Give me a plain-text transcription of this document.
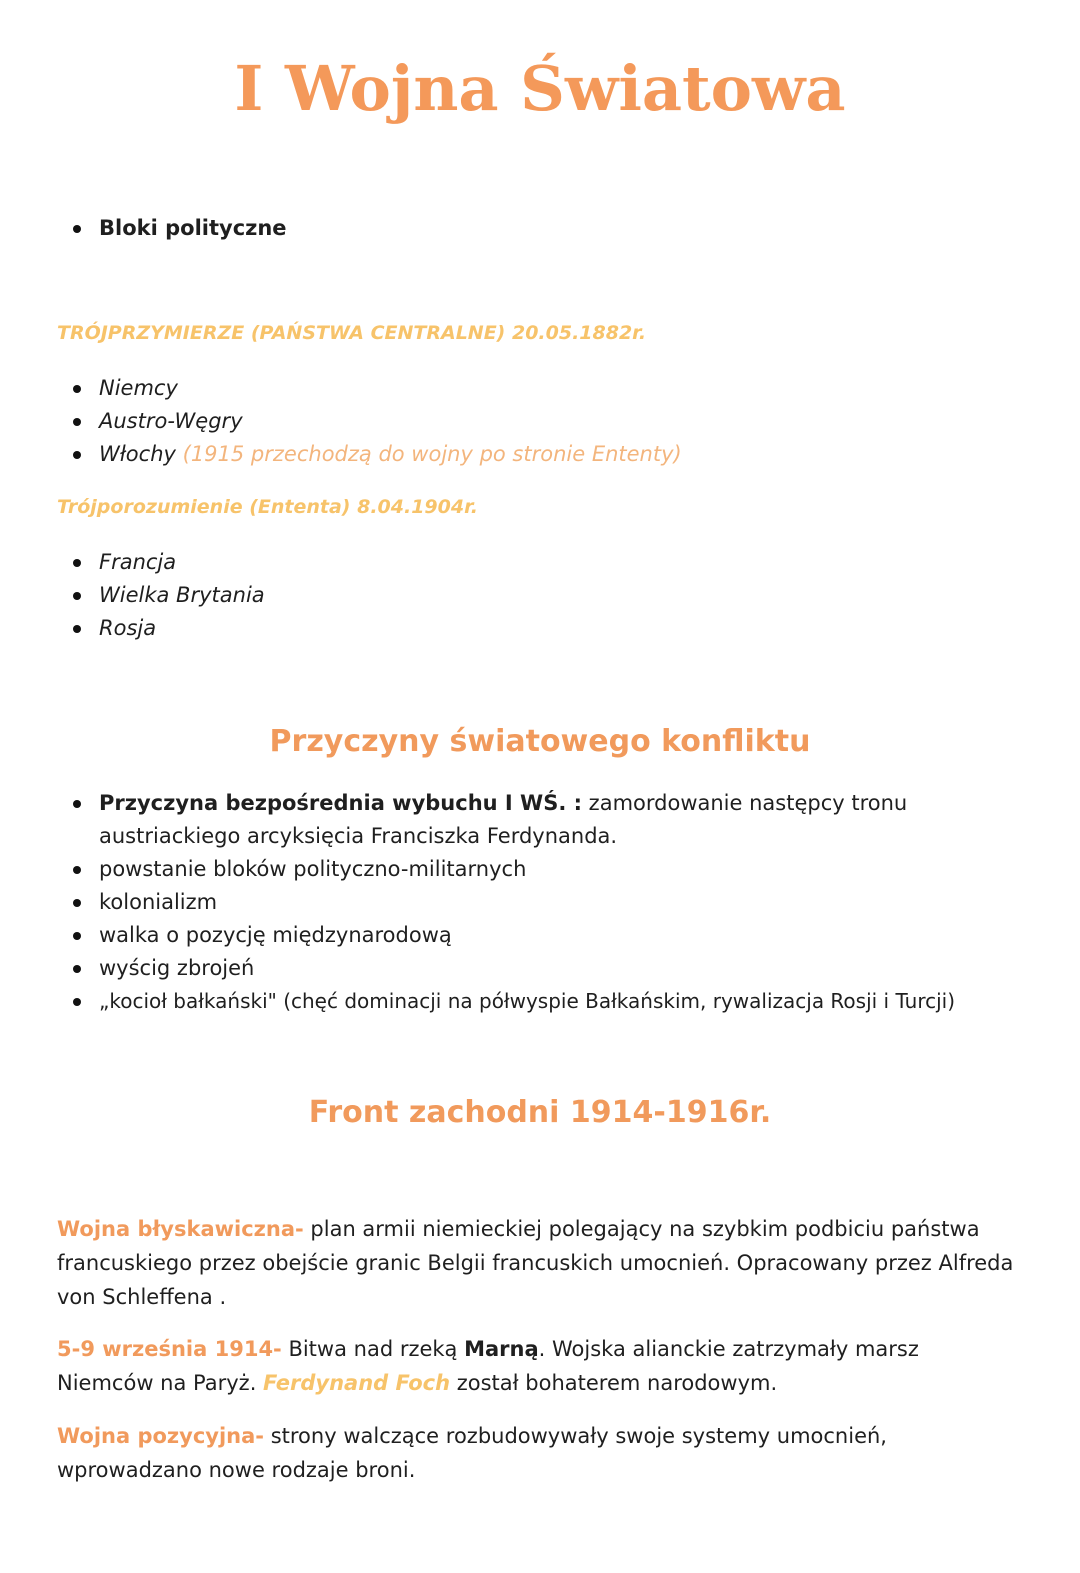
I Wojna Światowa
Bloki polityczne

TRÓJPRZYMIERZE (PAŃSTWA CENTRALNE) 20.05.1882r.

Niemcy
Austro-Węgry
Włochy (1915 przechodzą do wojny po stronie Ententy)

Trójporozumienie (Ententa) 8.04.1904r.

Francja
Wielka Brytania
Rosja
Przyczyny światowego konfliktu
Przyczyna bezpośrednia wybuchu I WŚ. : zamordowanie następcy tronu austriackiego arcyksięcia Franciszka Ferdynanda.
powstanie bloków polityczno-militarnych
kolonializm
walka o pozycję międzynarodową
wyścig zbrojeń
„kocioł bałkański" (chęć dominacji na półwyspie Bałkańskim, rywalizacja Rosji i Turcji)
Front zachodni 1914-1916r.

Wojna błyskawiczna- plan armii niemieckiej polegający na szybkim podbiciu państwa francuskiego przez obejście granic Belgii francuskich umocnień. Opracowany przez Alfreda von Schleffena .

5-9 września 1914- Bitwa nad rzeką Marną. Wojska alianckie zatrzymały marsz Niemców na Paryż. Ferdynand Foch został bohaterem narodowym.

Wojna pozycyjna- strony walczące rozbudowywały swoje systemy umocnień, wprowadzano nowe rodzaje broni.
